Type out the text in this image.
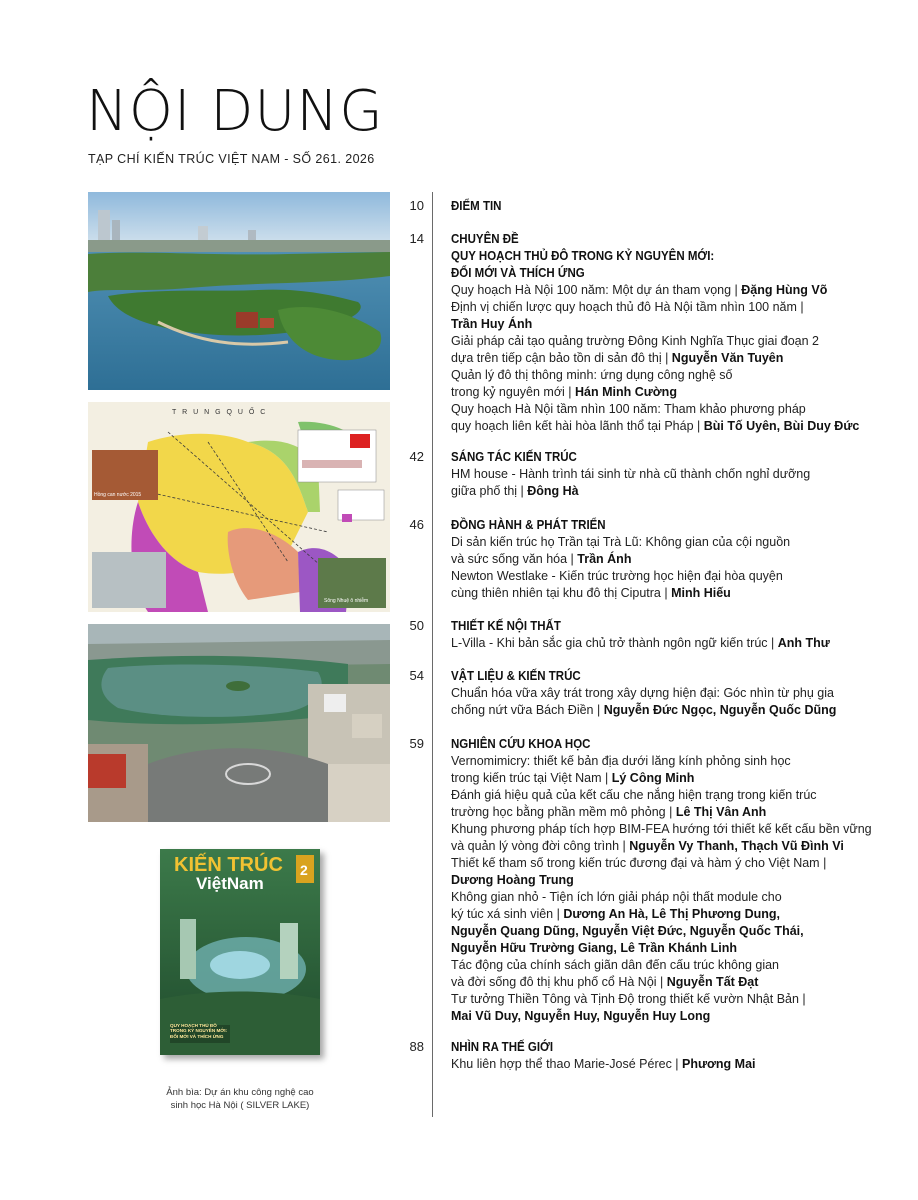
NỘI DUNG
TẠP CHÍ KIẾN TRÚC VIỆT NAM - SỐ 261. 2026
T R U N G Q U Ố C
Hồng can nước 2015
Sông Nhuệ ô nhiễm
KIẾN TRÚC
ViệtNam
2
QUY HOẠCH THỦ ĐÔ TRONG KỶ NGUYÊN MỚI: ĐỔI MỚI VÀ THÍCH ỨNG
Ảnh bìa: Dự án khu công nghệ cao
sinh học Hà Nội ( SILVER LAKE)
10 ĐIỂM TIN
14 CHUYÊN ĐỀ
QUY HOẠCH THỦ ĐÔ TRONG KỶ NGUYÊN MỚI:
ĐỔI MỚI VÀ THÍCH ỨNG
Quy hoạch Hà Nội 100 năm: Một dự án tham vọng | Đặng Hùng Võ
Định vị chiến lược quy hoạch thủ đô Hà Nội tầm nhìn 100 năm |
Trần Huy Ánh
Giải pháp cải tạo quảng trường Đông Kinh Nghĩa Thục giai đoạn 2
dựa trên tiếp cận bảo tồn di sản đô thị | Nguyễn Văn Tuyên
Quản lý đô thị thông minh: ứng dụng công nghệ số
trong kỷ nguyên mới | Hán Minh Cường
Quy hoạch Hà Nội tầm nhìn 100 năm: Tham khảo phương pháp
quy hoạch liên kết hài hòa lãnh thổ tại Pháp | Bùi Tố Uyên, Bùi Duy Đức
42 SÁNG TÁC KIẾN TRÚC
HM house - Hành trình tái sinh từ nhà cũ thành chốn nghỉ dưỡng
giữa phố thị | Đông Hà
46 ĐỒNG HÀNH & PHÁT TRIỂN
Di sản kiến trúc họ Trần tại Trà Lũ: Không gian của cội nguồn
và sức sống văn hóa | Trần Ánh
Newton Westlake - Kiến trúc trường học hiện đại hòa quyện
cùng thiên nhiên tại khu đô thị Ciputra | Minh Hiếu
50 THIẾT KẾ NỘI THẤT
L-Villa - Khi bản sắc gia chủ trở thành ngôn ngữ kiến trúc | Anh Thư
54 VẬT LIỆU & KIẾN TRÚC
Chuẩn hóa vữa xây trát trong xây dựng hiện đại: Góc nhìn từ phụ gia
chống nứt vữa Bách Điền | Nguyễn Đức Ngọc, Nguyễn Quốc Dũng
59 NGHIÊN CỨU KHOA HỌC
Vernomimicry: thiết kế bản địa dưới lăng kính phỏng sinh học
trong kiến trúc tại Việt Nam | Lý Công Minh
Đánh giá hiệu quả của kết cấu che nắng hiện trạng trong kiến trúc
trường học bằng phần mềm mô phỏng | Lê Thị Vân Anh
Khung phương pháp tích hợp BIM-FEA hướng tới thiết kế kết cấu bền vững
và quản lý vòng đời công trình | Nguyễn Vy Thanh, Thạch Vũ Đình Vi
Thiết kế tham số trong kiến trúc đương đại và hàm ý cho Việt Nam |
Dương Hoàng Trung
Không gian nhỏ - Tiện ích lớn giải pháp nội thất module cho
ký túc xá sinh viên | Dương An Hà, Lê Thị Phương Dung,
Nguyễn Quang Dũng, Nguyễn Việt Đức, Nguyễn Quốc Thái,
Nguyễn Hữu Trường Giang, Lê Trần Khánh Linh
Tác động của chính sách giãn dân đến cấu trúc không gian
và đời sống đô thị khu phố cổ Hà Nội | Nguyễn Tất Đạt
Tư tưởng Thiền Tông và Tịnh Độ trong thiết kế vườn Nhật Bản |
Mai Vũ Duy, Nguyễn Huy, Nguyễn Huy Long
88 NHÌN RA THẾ GIỚI
Khu liên hợp thể thao Marie-José Pérec | Phương Mai
